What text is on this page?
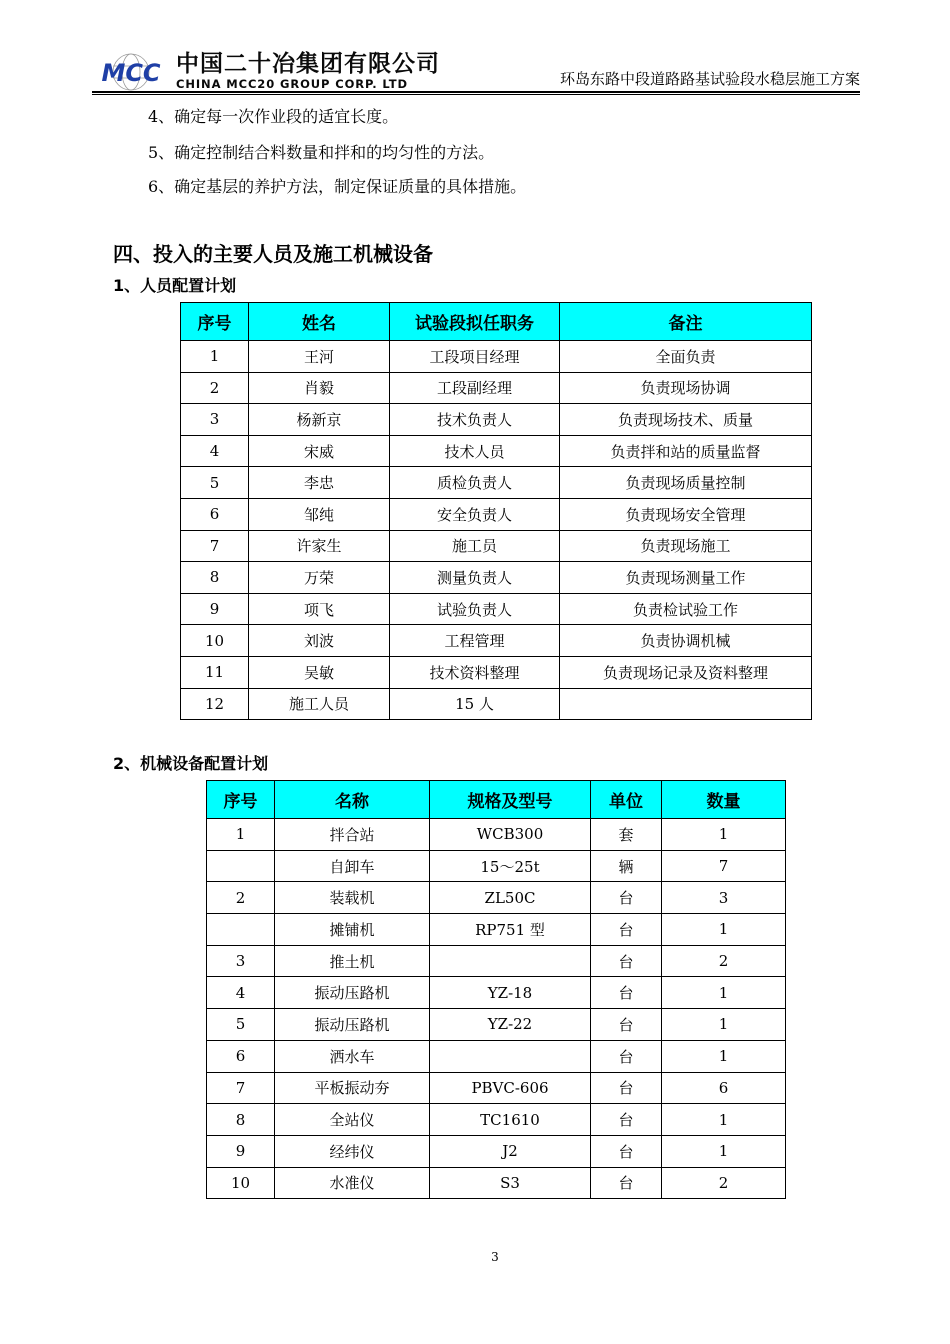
MCC 中国二十冶集团有限公司
CHINA MCC20 GROUP CORP. LTD	环岛东路中段道路路基试验段水稳层施工方案
4、确定每一次作业段的适宜长度。
5、确定控制结合料数量和拌和的均匀性的方法。
6、确定基层的养护方法，制定保证质量的具体措施。
四、投入的主要人员及施工机械设备
1、人员配置计划
序号	姓名	试验段拟任职务	备注
1	王河	工段项目经理	全面负责
2	肖毅	工段副经理	负责现场协调
3	杨新京	技术负责人	负责现场技术、质量
4	宋威	技术人员	负责拌和站的质量监督
5	李忠	质检负责人	负责现场质量控制
6	邹纯	安全负责人	负责现场安全管理
7	许家生	施工员	负责现场施工
8	万荣	测量负责人	负责现场测量工作
9	项飞	试验负责人	负责检试验工作
10	刘波	工程管理	负责协调机械
11	吴敏	技术资料整理	负责现场记录及资料整理
12	施工人员	15 人	
2、机械设备配置计划
序号	名称	规格及型号	单位	数量
1	拌合站	WCB300	套	1
	自卸车	15～25t	辆	7
2	装载机	ZL50C	台	3
	摊铺机	RP751 型	台	1
3	推土机		台	2
4	振动压路机	YZ-18	台	1
5	振动压路机	YZ-22	台	1
6	洒水车		台	1
7	平板振动夯	PBVC-606	台	6
8	全站仪	TC1610	台	1
9	经纬仪	J2	台	1
10	水准仪	S3	台	2
3
